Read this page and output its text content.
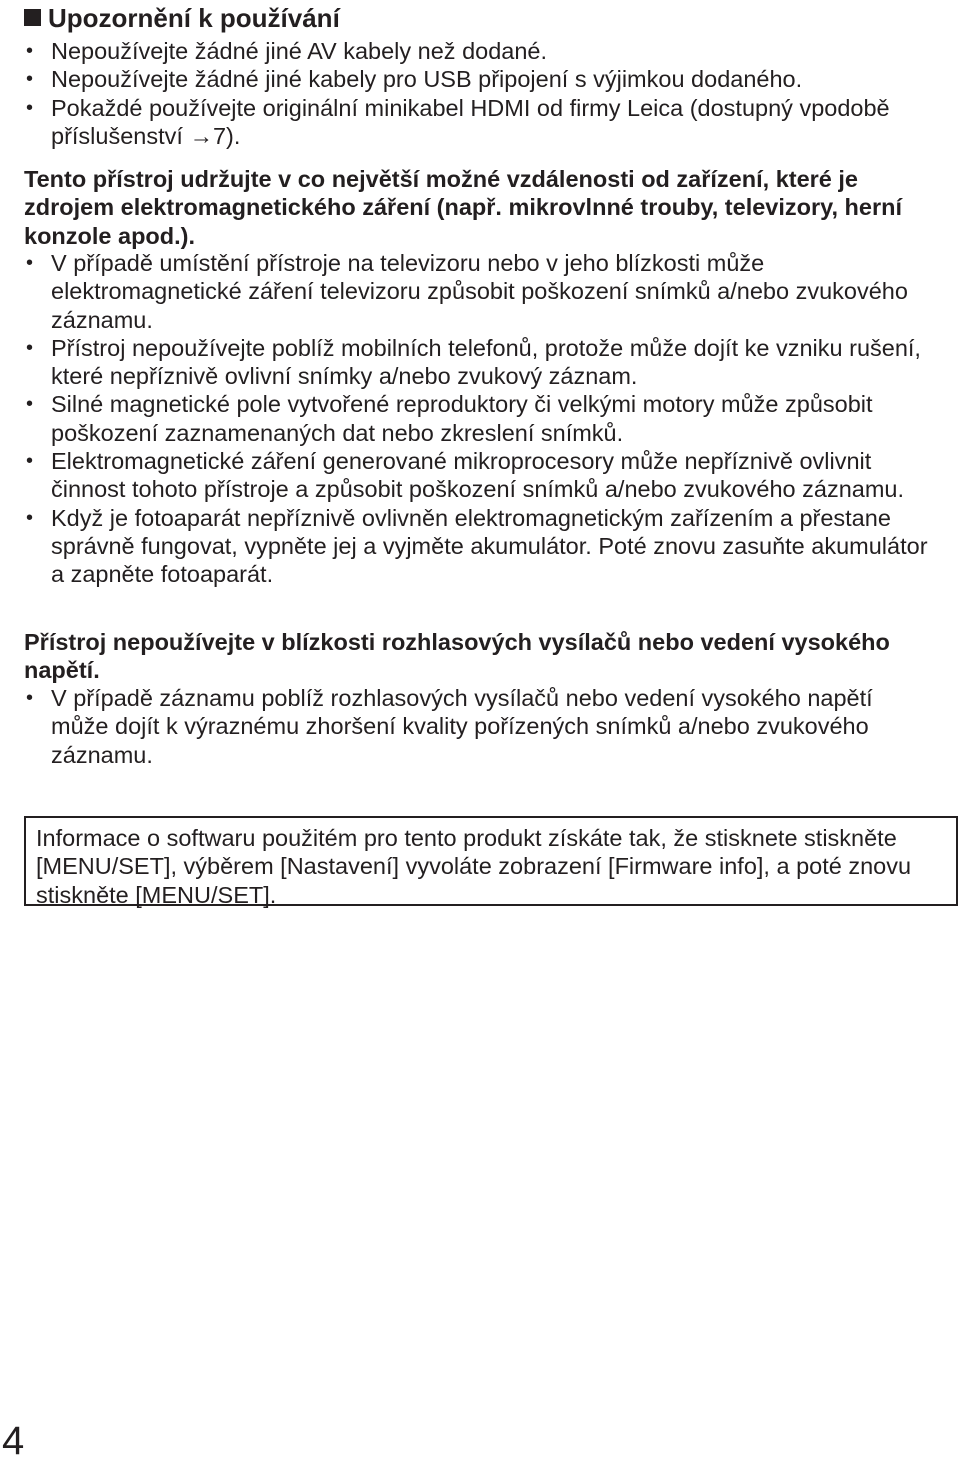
Upozornění k používání
• Nepoužívejte žádné jiné AV kabely než dodané.
• Nepoužívejte žádné jiné kabely pro USB připojení s výjimkou dodaného.
• Pokaždé používejte originální minikabel HDMI od firmy Leica (dostupný vpodobě příslušenství →7).

Tento přístroj udržujte v co největší možné vzdálenosti od zařízení, které je zdrojem elektromagnetického záření (např. mikrovlnné trouby, televizory, herní konzole apod.).

• V případě umístění přístroje na televizoru nebo v jeho blízkosti může elektromagnetické záření televizoru způsobit poškození snímků a/nebo zvukového záznamu.
• Přístroj nepoužívejte poblíž mobilních telefonů, protože může dojít ke vzniku rušení, které nepříznivě ovlivní snímky a/nebo zvukový záznam.
• Silné magnetické pole vytvořené reproduktory či velkými motory může způsobit poškození zaznamenaných dat nebo zkreslení snímků.
• Elektromagnetické záření generované mikroprocesory může nepříznivě ovlivnit činnost tohoto přístroje a způsobit poškození snímků a/nebo zvukového záznamu.
• Když je fotoaparát nepříznivě ovlivněn elektromagnetickým zařízením a přestane správně fungovat, vypněte jej a vyjměte akumulátor. Poté znovu zasuňte akumulátor a zapněte fotoaparát.

Přístroj nepoužívejte v blízkosti rozhlasových vysílačů nebo vedení vysokého napětí.

• V případě záznamu poblíž rozhlasových vysílačů nebo vedení vysokého napětí může dojít k výraznému zhoršení kvality pořízených snímků a/nebo zvukového záznamu.
Informace o softwaru použitém pro tento produkt získáte tak, že stisknete stiskněte [MENU/SET], výběrem [Nastavení] vyvoláte zobrazení [Firmware info], a poté znovu stiskněte [MENU/SET].
4
